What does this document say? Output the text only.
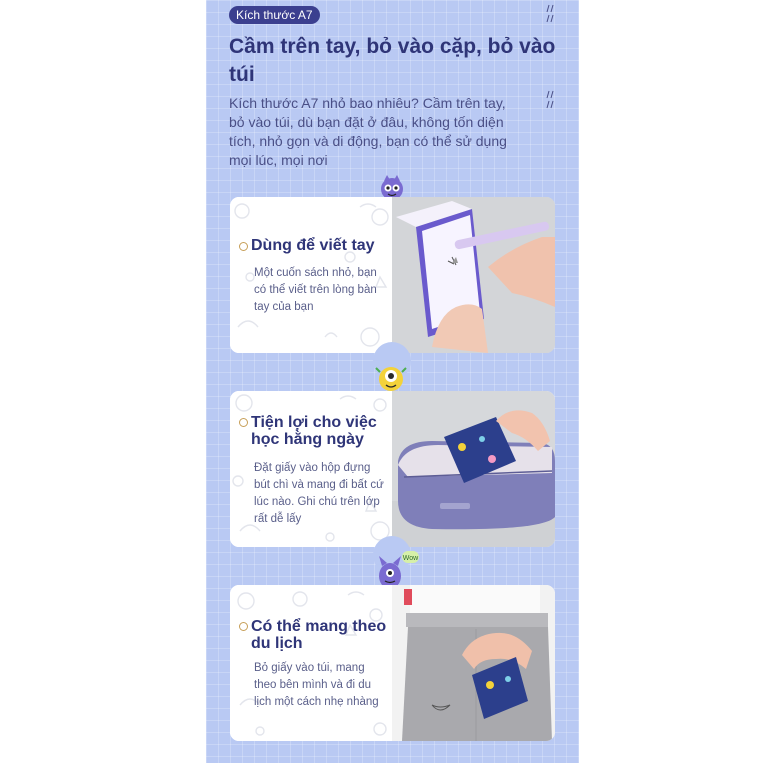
Kích thước A7
Cầm trên tay, bỏ vào cặp, bỏ vào túi

Kích thước A7 nhỏ bao nhiêu? Cầm trên tay, bỏ vào túi, dù bạn đặt ở đâu, không tốn diện tích, nhỏ gọn và di động, bạn có thể sử dụng mọi lúc, mọi nơi

Dùng để viết tay

Một cuốn sách nhỏ, bạn có thể viết trên lòng bàn tay của bạn

Tiện lợi cho việc học hằng ngày

Đặt giấy vào hộp đựng bút chì và mang đi bất cứ lúc nào. Ghi chú trên lớp rất dễ lấy

Wow
Có thể mang theo du lịch

Bỏ giấy vào túi, mang theo bên mình và đi du lịch một cách nhẹ nhàng
